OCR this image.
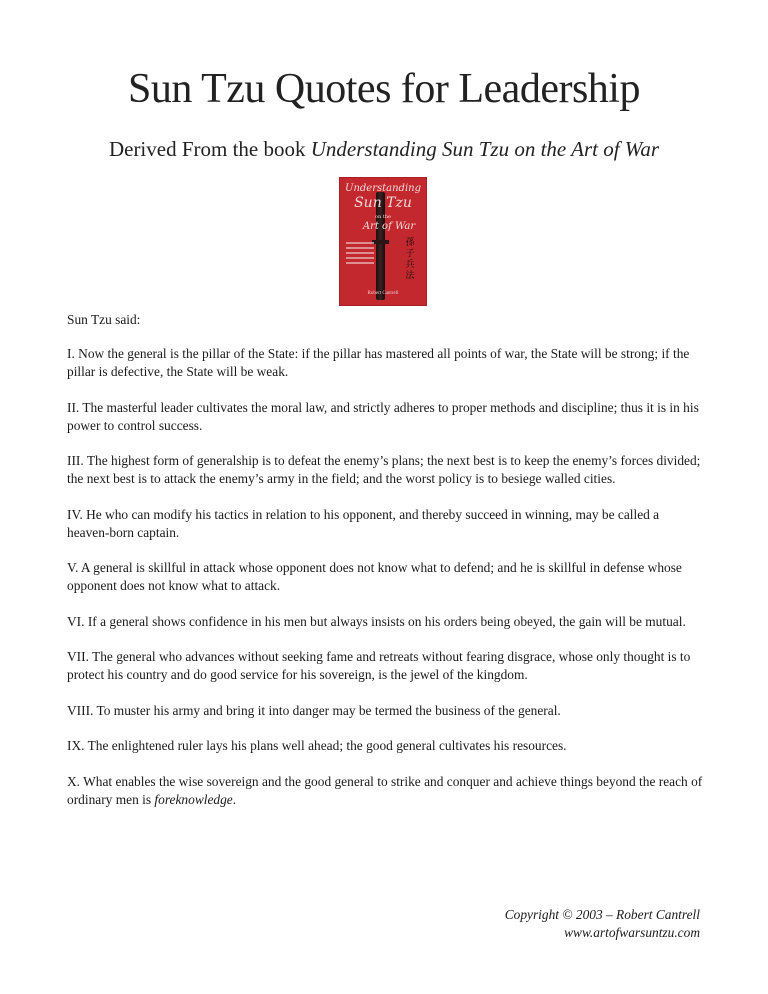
Sun Tzu Quotes for Leadership
Derived From the book Understanding Sun Tzu on the Art of War
Understanding
Sun Tzu
on the
Art of War
孫子兵法
Robert Cantrell

Sun Tzu said:

I. Now the general is the pillar of the State: if the pillar has mastered all points of war, the State will be strong; if the pillar is defective, the State will be weak.

II. The masterful leader cultivates the moral law, and strictly adheres to proper methods and discipline; thus it is in his power to control success.

III. The highest form of generalship is to defeat the enemy’s plans; the next best is to keep the enemy’s forces divided; the next best is to attack the enemy’s army in the field; and the worst policy is to besiege walled cities.

IV. He who can modify his tactics in relation to his opponent, and thereby succeed in winning, may be called a heaven-born captain.

V. A general is skillful in attack whose opponent does not know what to defend; and he is skillful in defense whose opponent does not know what to attack.

VI. If a general shows confidence in his men but always insists on his orders being obeyed, the gain will be mutual.

VII. The general who advances without seeking fame and retreats without fearing disgrace, whose only thought is to protect his country and do good service for his sovereign, is the jewel of the kingdom.

VIII. To muster his army and bring it into danger may be termed the business of the general.

IX. The enlightened ruler lays his plans well ahead; the good general cultivates his resources.

X. What enables the wise sovereign and the good general to strike and conquer and achieve things beyond the reach of ordinary men is foreknowledge.

Copyright © 2003 – Robert Cantrell
www.artofwarsuntzu.com
